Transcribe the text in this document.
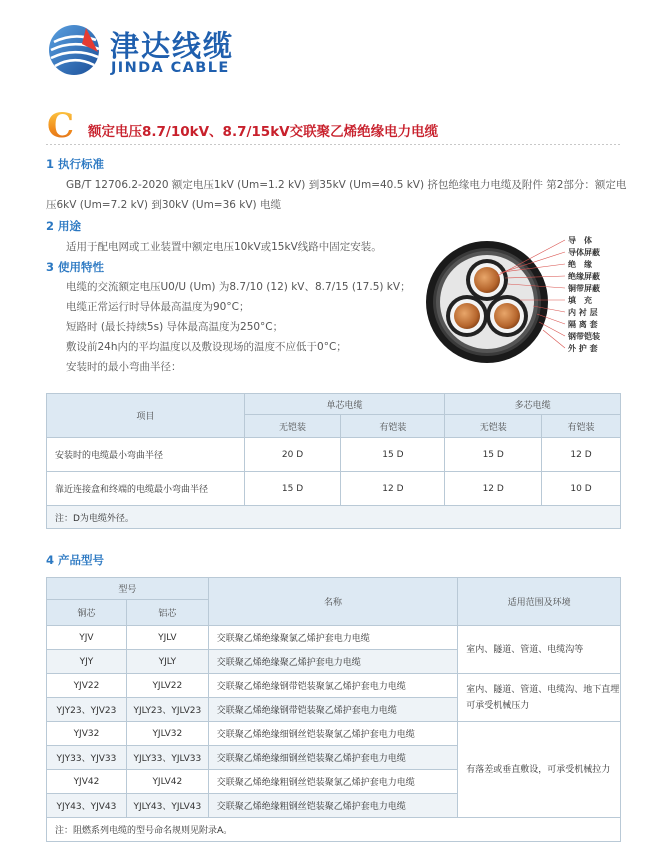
津达线缆
JINDA CABLE
C 额定电压8.7/10kV、8.7/15kV交联聚乙烯绝缘电力电缆
1 执行标准
GB/T 12706.2-2020 额定电压1kV (Um=1.2 kV) 到35kV (Um=40.5 kV) 挤包绝缘电力电缆及附件 第2部分：额定电
压6kV (Um=7.2 kV) 到30kV (Um=36 kV) 电缆
2 用途
适用于配电网或工业装置中额定电压10kV或15kV线路中固定安装。
3 使用特性
电缆的交流额定电压U0/U (Um) 为8.7/10 (12) kV、8.7/15 (17.5) kV；
电缆正常运行时导体最高温度为90°C；
短路时 (最长持续5s) 导体最高温度为250°C；
敷设前24h内的平均温度以及敷设现场的温度不应低于0°C；
安装时的最小弯曲半径：
导　体
导体屏蔽
绝　缘
绝缘屏蔽
铜带屏蔽
填　充
内 衬 层
隔 离 套
钢带铠装
外 护 套
项目	单芯电缆		多芯电缆	
	无铠装	有铠装	无铠装	有铠装
安装时的电缆最小弯曲半径	20 D	15 D	15 D	12 D
靠近连接盒和终端的电缆最小弯曲半径	15 D	12 D	12 D	10 D
注：D为电缆外径。				
4 产品型号
型号		名称	适用范围及环境
铜芯	铝芯		
YJV	YJLV	交联聚乙烯绝缘聚氯乙烯护套电力电缆	室内、隧道、管道、电缆沟等
YJY	YJLY	交联聚乙烯绝缘聚乙烯护套电力电缆	
YJV22	YJLV22	交联聚乙烯绝缘钢带铠装聚氯乙烯护套电力电缆	室内、隧道、管道、电缆沟、地下直埋
可承受机械压力

YJY23、YJV23	YJLY23、YJLV23	交联聚乙烯绝缘钢带铠装聚乙烯护套电力电缆	
YJV32	YJLV32	交联聚乙烯绝缘细钢丝铠装聚氯乙烯护套电力电缆	有落差或垂直敷设，可承受机械拉力
YJY33、YJV33	YJLY33、YJLV33	交联聚乙烯绝缘细钢丝铠装聚乙烯护套电力电缆	
YJV42	YJLV42	交联聚乙烯绝缘粗钢丝铠装聚氯乙烯护套电力电缆	
YJY43、YJV43	YJLY43、YJLV43	交联聚乙烯绝缘粗钢丝铠装聚乙烯护套电力电缆	
注：阻燃系列电缆的型号命名规则见附录A。			
